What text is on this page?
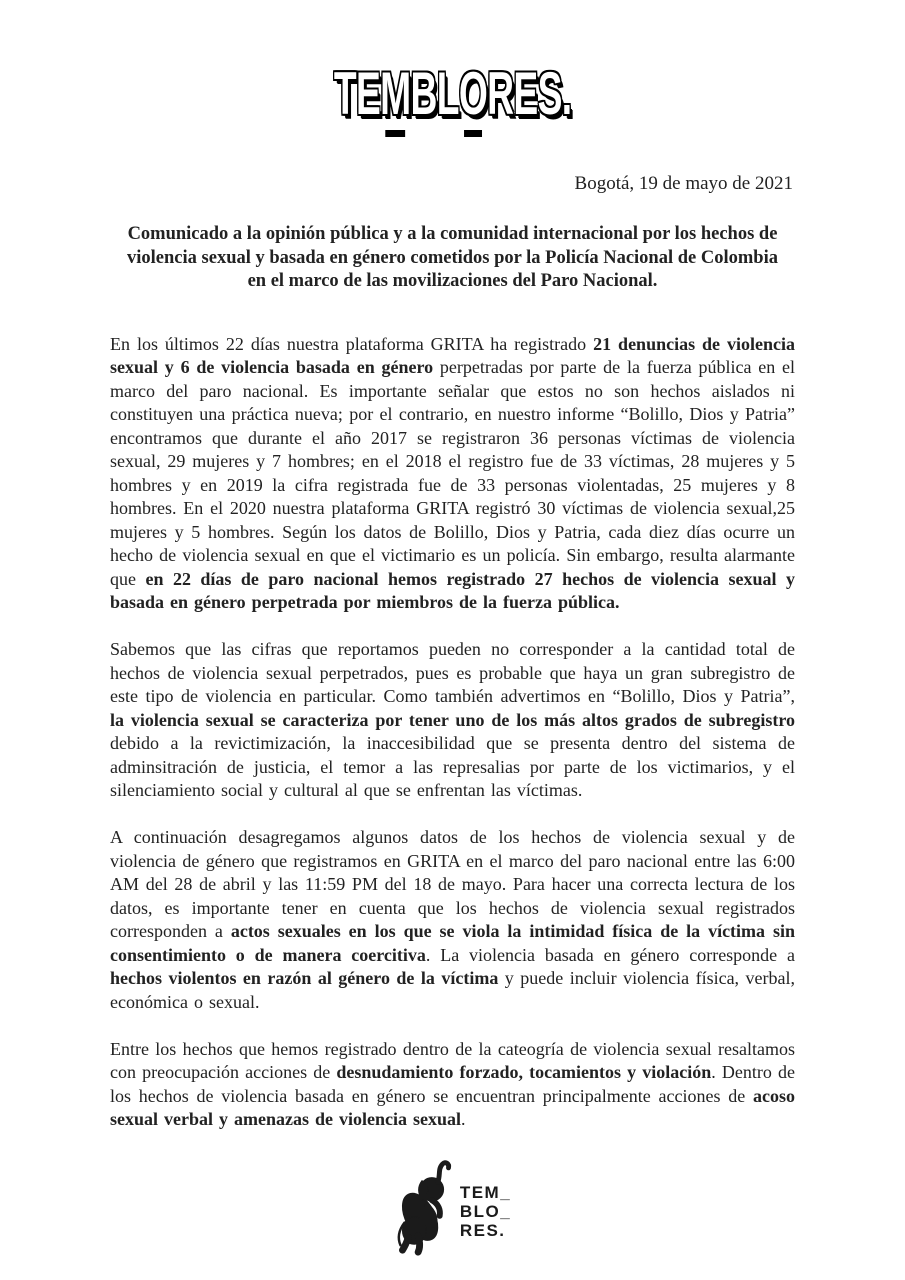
TEMBLORES.
Bogotá, 19 de mayo de 2021
Comunicado a la opinión pública y a la comunidad internacional por los hechos de violencia sexual y basada en género cometidos por la Policía Nacional de Colombia en el marco de las movilizaciones del Paro Nacional.

En los últimos 22 días nuestra plataforma GRITA ha registrado 21 denuncias de violencia sexual y 6 de violencia basada en género perpetradas por parte de la fuerza pública en el marco del paro nacional. Es importante señalar que estos no son hechos aislados ni constituyen una práctica nueva; por el contrario, en nuestro informe “Bolillo, Dios y Patria” encontramos que durante el año 2017 se registraron 36 personas víctimas de violencia sexual, 29 mujeres y 7 hombres; en el 2018 el registro fue de 33 víctimas, 28 mujeres y 5 hombres y en 2019 la cifra registrada fue de 33 personas violentadas, 25 mujeres y 8 hombres. En el 2020 nuestra plataforma GRITA registró 30 víctimas de violencia sexual,25 mujeres y 5 hombres. Según los datos de Bolillo, Dios y Patria, cada diez días ocurre un hecho de violencia sexual en que el victimario es un policía. Sin embargo, resulta alarmante que en 22 días de paro nacional hemos registrado 27 hechos de violencia sexual y basada en género perpetrada por miembros de la fuerza pública.

Sabemos que las cifras que reportamos pueden no corresponder a la cantidad total de hechos de violencia sexual perpetrados, pues es probable que haya un gran subregistro de este tipo de violencia en particular. Como también advertimos en “Bolillo, Dios y Patria”, la violencia sexual se caracteriza por tener uno de los más altos grados de subregistro debido a la revictimización, la inaccesibilidad que se presenta dentro del sistema de adminsitración de justicia, el temor a las represalias por parte de los victimarios, y el silenciamiento social y cultural al que se enfrentan las víctimas.

A continuación desagregamos algunos datos de los hechos de violencia sexual y de violencia de género que registramos en GRITA en el marco del paro nacional entre las 6:00 AM del 28 de abril y las 11:59 PM del 18 de mayo. Para hacer una correcta lectura de los datos, es importante tener en cuenta que los hechos de violencia sexual registrados corresponden a actos sexuales en los que se viola la intimidad física de la víctima sin consentimiento o de manera coercitiva. La violencia basada en género corresponde a hechos violentos en razón al género de la víctima y puede incluir violencia física, verbal, económica o sexual.

Entre los hechos que hemos registrado dentro de la cateogría de violencia sexual resaltamos con preocupación acciones de desnudamiento forzado, tocamientos y violación. Dentro de los hechos de violencia basada en género se encuentran principalmente acciones de acoso sexual verbal y amenazas de violencia sexual.

TEM_
BLO_
RES.
